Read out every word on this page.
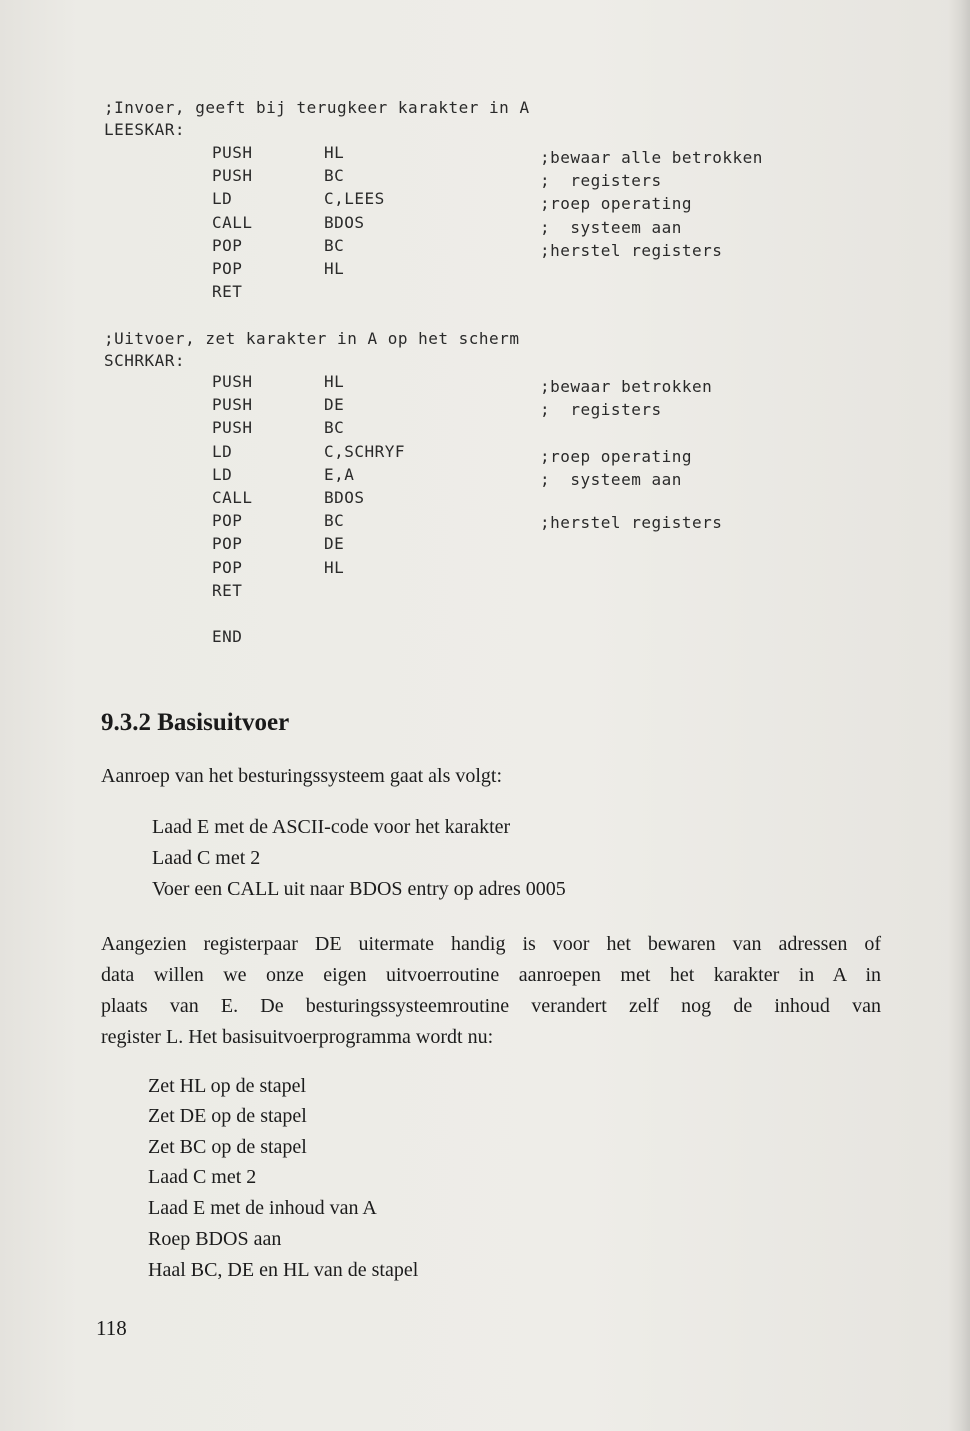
;Invoer, geeft bij terugkeer karakter in A
LEESKAR:
PUSH	HL	;bewaar alle betrokken
PUSH	BC	;  registers
LD	C,LEES	;roep operating
CALL	BDOS	;  systeem aan
POP	BC	;herstel registers
POP	HL
RET
;Uitvoer, zet karakter in A op het scherm
SCHRKAR:
PUSH	HL	;bewaar betrokken
PUSH	DE	;  registers
PUSH	BC
LD	C,SCHRYF	;roep operating
LD	E,A	;  systeem aan
CALL	BDOS
POP	BC	;herstel registers
POP	DE
POP	HL
RET
END
9.3.2 Basisuitvoer
Aanroep van het besturingssysteem gaat als volgt:
Laad E met de ASCII-code voor het karakter
Laad C met 2
Voer een CALL uit naar BDOS entry op adres 0005
Aangezien registerpaar DE uitermate handig is voor het bewaren van adressen of
data willen we onze eigen uitvoerroutine aanroepen met het karakter in A in
plaats van E. De besturingssysteemroutine verandert zelf nog de inhoud van
register L. Het basisuitvoerprogramma wordt nu:
Zet HL op de stapel
Zet DE op de stapel
Zet BC op de stapel
Laad C met 2
Laad E met de inhoud van A
Roep BDOS aan
Haal BC, DE en HL van de stapel
118
